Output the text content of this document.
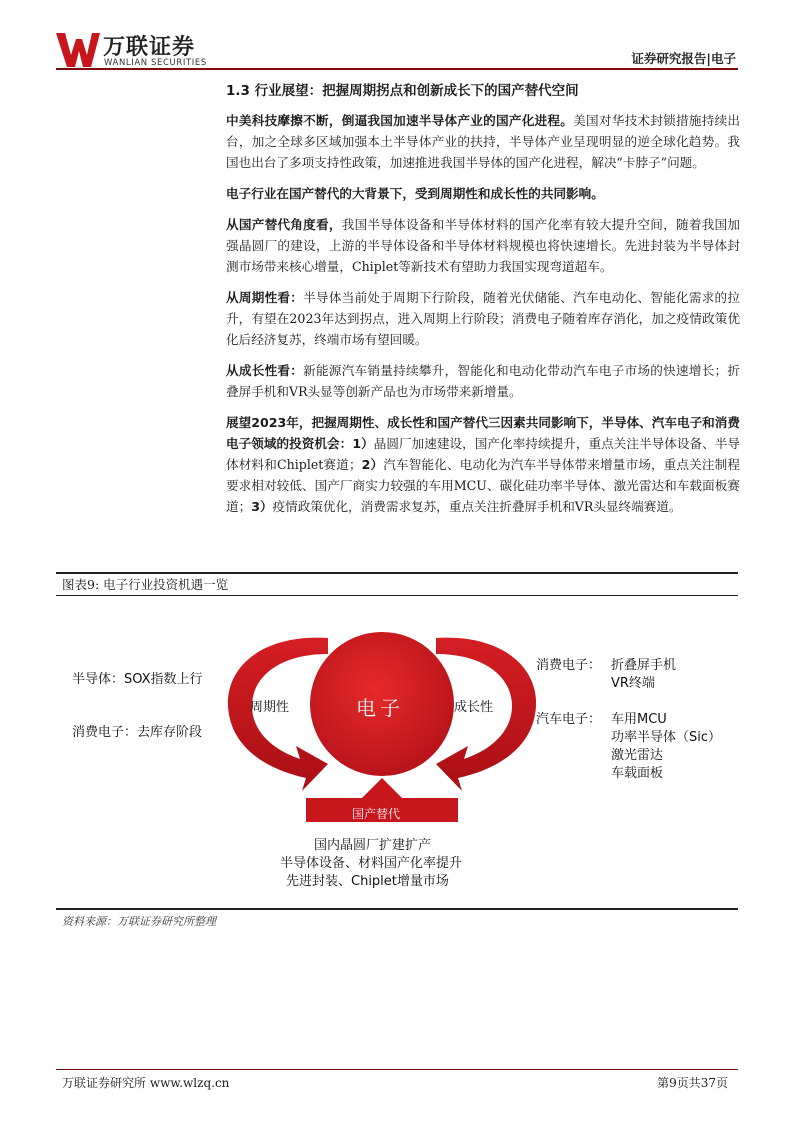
万联证券
WANLIAN SECURITIES	证券研究报告|电子
1.3 行业展望：把握周期拐点和创新成长下的国产替代空间

中美科技摩擦不断，倒逼我国加速半导体产业的国产化进程。美国对华技术封锁措施持续出台，加之全球多区域加强本土半导体产业的扶持，半导体产业呈现明显的逆全球化趋势。我国也出台了多项支持性政策，加速推进我国半导体的国产化进程，解决“卡脖子”问题。

电子行业在国产替代的大背景下，受到周期性和成长性的共同影响。

从国产替代角度看，我国半导体设备和半导体材料的国产化率有较大提升空间，随着我国加强晶圆厂的建设，上游的半导体设备和半导体材料规模也将快速增长。先进封装为半导体封测市场带来核心增量，Chiplet等新技术有望助力我国实现弯道超车。

从周期性看：半导体当前处于周期下行阶段，随着光伏储能、汽车电动化、智能化需求的拉升，有望在2023年达到拐点，进入周期上行阶段；消费电子随着库存消化，加之疫情政策优化后经济复苏，终端市场有望回暖。

从成长性看：新能源汽车销量持续攀升，智能化和电动化带动汽车电子市场的快速增长；折叠屏手机和VR头显等创新产品也为市场带来新增量。

展望2023年，把握周期性、成长性和国产替代三因素共同影响下，半导体、汽车电子和消费电子领域的投资机会：1）晶圆厂加速建设，国产化率持续提升，重点关注半导体设备、半导体材料和Chiplet赛道；2）汽车智能化、电动化为汽车半导体带来增量市场，重点关注制程要求相对较低、国产厂商实力较强的车用MCU、碳化硅功率半导体、激光雷达和车载面板赛道；3）疫情政策优化，消费需求复苏，重点关注折叠屏手机和VR头显终端赛道。

图表9: 电子行业投资机遇一览
电子
周期性	成长性
国产替代
半导体：SOX指数上行
消费电子：去库存阶段
消费电子： 折叠屏手机
VR终端
汽车电子： 车用MCU
功率半导体（Sic）
激光雷达
车载面板
国内晶圆厂扩建扩产
半导体设备、材料国产化率提升
先进封装、Chiplet增量市场
资料来源：万联证券研究所整理
万联证券研究所 www.wlzq.cn	第9页共37页
